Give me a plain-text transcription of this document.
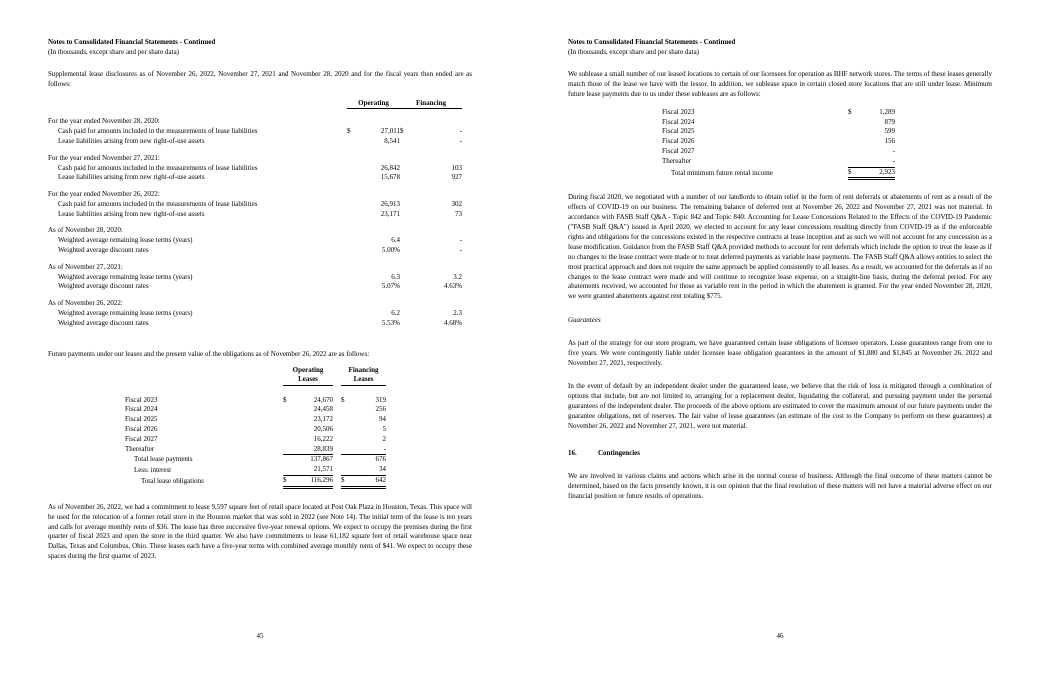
Notes to Consolidated Financial Statements - Continued
(In thousands, except share and per share data)

Supplemental lease disclosures as of November 26, 2022, November 27, 2021 and November 28, 2020 and for the fiscal years then ended are as follows:

	Operating		Financing	

For the year ended November 28, 2020:				
Cash paid for amounts included in the measurements of lease liabilities	$	27,011	$	-
Lease liabilities arising from new right-of-use assets		8,541		-

For the year ended November 27, 2021:				
Cash paid for amounts included in the measurements of lease liabilities		26,842		103
Lease liabilities arising from new right-of-use assets		15,678		927

For the year ended November 26, 2022:				
Cash paid for amounts included in the measurements of lease liabilities		26,913		302
Lease liabilities arising from new right-of-use assets		23,171		73

As of November 28, 2020:				
Weighted average remaining lease terms (years)		6.4		-
Weighted average discount rates		5.00%		-

As of November 27, 2021:				
Weighted average remaining lease terms (years)		6.3		3.2
Weighted average discount rates		5.07%		4.63%

As of November 26, 2022:				
Weighted average remaining lease terms (years)		6.2		2.3
Weighted average discount rates		5.53%		4.68%

Future payments under our leases and the present value of the obligations as of November 26, 2022 are as follows:

Operating
Leases

Financing
Leases

Fiscal 2023	$	24,670		$	319
Fiscal 2024		24,458			256
Fiscal 2025		23,172			94
Fiscal 2026		20,506			5
Fiscal 2027		16,222			2
Thereafter		28,839			-
Total lease payments		137,867			676
Less: interest		21,571			34
Total lease obligations	$	116,296		$	642

As of November 26, 2022, we had a commitment to lease 9,597 square feet of retail space located at Post Oak Plaza in Houston, Texas. This space will be used for the relocation of a former retail store in the Houston market that was sold in 2022 (see Note 14). The initial term of the lease is ten years and calls for average monthly rents of $36. The lease has three successive five-year renewal options. We expect to occupy the premises during the first quarter of fiscal 2023 and open the store in the third quarter. We also have commitments to lease 61,182 square feet of retail warehouse space near Dallas, Texas and Columbus, Ohio. These leases each have a five-year terms with combined average monthly rents of $41. We expect to occupy these spaces during the first quarter of 2023.

Notes to Consolidated Financial Statements - Continued
(In thousands, except share and per share data)

We sublease a small number of our leased locations to certain of our licensees for operation as BHF network stores. The terms of these leases generally match those of the lease we have with the lessor. In addition, we sublease space in certain closed store locations that are still under lease. Minimum future lease payments due to us under these subleases are as follows:

Fiscal 2023	$	1,289
Fiscal 2024		879
Fiscal 2025		599
Fiscal 2026		156
Fiscal 2027		-
Thereafter		-
Total minimum future rental income	$	2,923

During fiscal 2020, we negotiated with a number of our landlords to obtain relief in the form of rent deferrals or abatements of rent as a result of the effects of COVID-19 on our business. The remaining balance of deferred rent at November 26, 2022 and November 27, 2021 was not material. In accordance with FASB Staff Q&A - Topic 842 and Topic 840: Accounting for Lease Concessions Related to the Effects of the COVID-19 Pandemic ("FASB Staff Q&A") issued in April 2020, we elected to account for any lease concessions resulting directly from COVID-19 as if the enforceable rights and obligations for the concessions existed in the respective contracts at lease inception and as such we will not account for any concession as a lease modification. Guidance from the FASB Staff Q&A provided methods to account for rent deferrals which include the option to treat the lease as if no changes to the lease contract were made or to treat deferred payments as variable lease payments. The FASB Staff Q&A allows entities to select the most practical approach and does not require the same approach be applied consistently to all leases. As a result, we accounted for the deferrals as if no changes to the lease contract were made and will continue to recognize lease expense, on a straight-line basis, during the deferral period. For any abatements received, we accounted for those as variable rent in the period in which the abatement is granted. For the year ended November 28, 2020, we were granted abatements against rent totaling $775.

Guarantees

As part of the strategy for our store program, we have guaranteed certain lease obligations of licensee operators. Lease guarantees range from one to five years. We were contingently liable under licensee lease obligation guarantees in the amount of $1,880 and $1,845 at November 26, 2022 and November 27, 2021, respectively.

In the event of default by an independent dealer under the guaranteed lease, we believe that the risk of loss is mitigated through a combination of options that include, but are not limited to, arranging for a replacement dealer, liquidating the collateral, and pursuing payment under the personal guarantees of the independent dealer. The proceeds of the above options are estimated to cover the maximum amount of our future payments under the guarantee obligations, net of reserves. The fair value of lease guarantees (an estimate of the cost to the Company to perform on these guarantees) at November 26, 2022 and November 27, 2021, were not material.

16.	Contingencies

We are involved in various claims and actions which arise in the normal course of business. Although the final outcome of these matters cannot be determined, based on the facts presently known, it is our opinion that the final resolution of these matters will not have a material adverse effect on our financial position or future results of operations.

45	46
